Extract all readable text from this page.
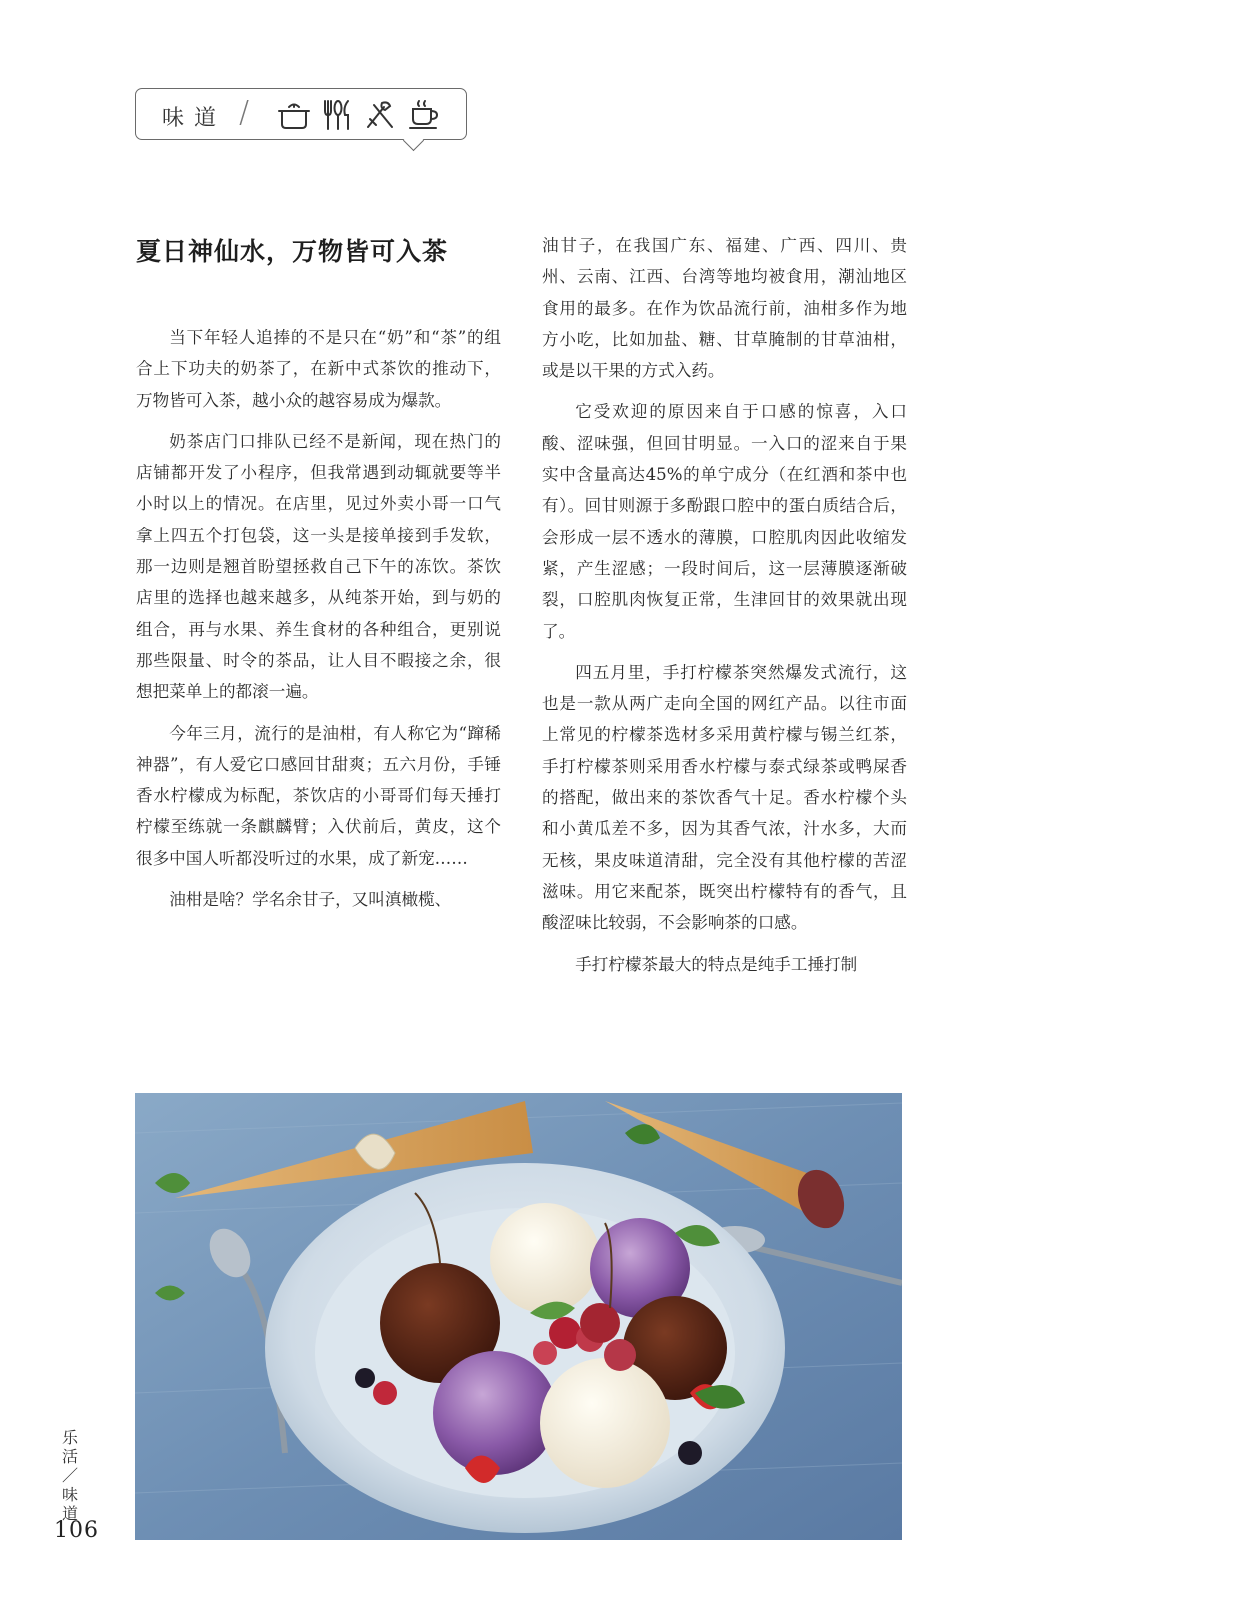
味道 /
夏日神仙水，万物皆可入茶

当下年轻人追捧的不是只在“奶”和“茶”的组合上下功夫的奶茶了，在新中式茶饮的推动下，万物皆可入茶，越小众的越容易成为爆款。

奶茶店门口排队已经不是新闻，现在热门的店铺都开发了小程序，但我常遇到动辄就要等半小时以上的情况。在店里，见过外卖小哥一口气拿上四五个打包袋，这一头是接单接到手发软，那一边则是翘首盼望拯救自己下午的冻饮。茶饮店里的选择也越来越多，从纯茶开始，到与奶的组合，再与水果、养生食材的各种组合，更别说那些限量、时令的茶品，让人目不暇接之余，很想把菜单上的都滚一遍。

今年三月，流行的是油柑，有人称它为“蹿稀神器”，有人爱它口感回甘甜爽；五六月份，手锤香水柠檬成为标配，茶饮店的小哥哥们每天捶打柠檬至练就一条麒麟臂；入伏前后，黄皮，这个很多中国人听都没听过的水果，成了新宠……

油柑是啥？学名余甘子，又叫滇橄榄、

油甘子，在我国广东、福建、广西、四川、贵州、云南、江西、台湾等地均被食用，潮汕地区食用的最多。在作为饮品流行前，油柑多作为地方小吃，比如加盐、糖、甘草腌制的甘草油柑，或是以干果的方式入药。

它受欢迎的原因来自于口感的惊喜，入口酸、涩味强，但回甘明显。一入口的涩来自于果实中含量高达45%的单宁成分（在红酒和茶中也有）。回甘则源于多酚跟口腔中的蛋白质结合后，会形成一层不透水的薄膜，口腔肌肉因此收缩发紧，产生涩感；一段时间后，这一层薄膜逐渐破裂，口腔肌肉恢复正常，生津回甘的效果就出现了。

四五月里，手打柠檬茶突然爆发式流行，这也是一款从两广走向全国的网红产品。以往市面上常见的柠檬茶选材多采用黄柠檬与锡兰红茶，手打柠檬茶则采用香水柠檬与泰式绿茶或鸭屎香的搭配，做出来的茶饮香气十足。香水柠檬个头和小黄瓜差不多，因为其香气浓，汁水多，大而无核，果皮味道清甜，完全没有其他柠檬的苦涩滋味。用它来配茶，既突出柠檬特有的香气，且酸涩味比较弱，不会影响茶的口感。

手打柠檬茶最大的特点是纯手工捶打制

乐活
／
味道
106
